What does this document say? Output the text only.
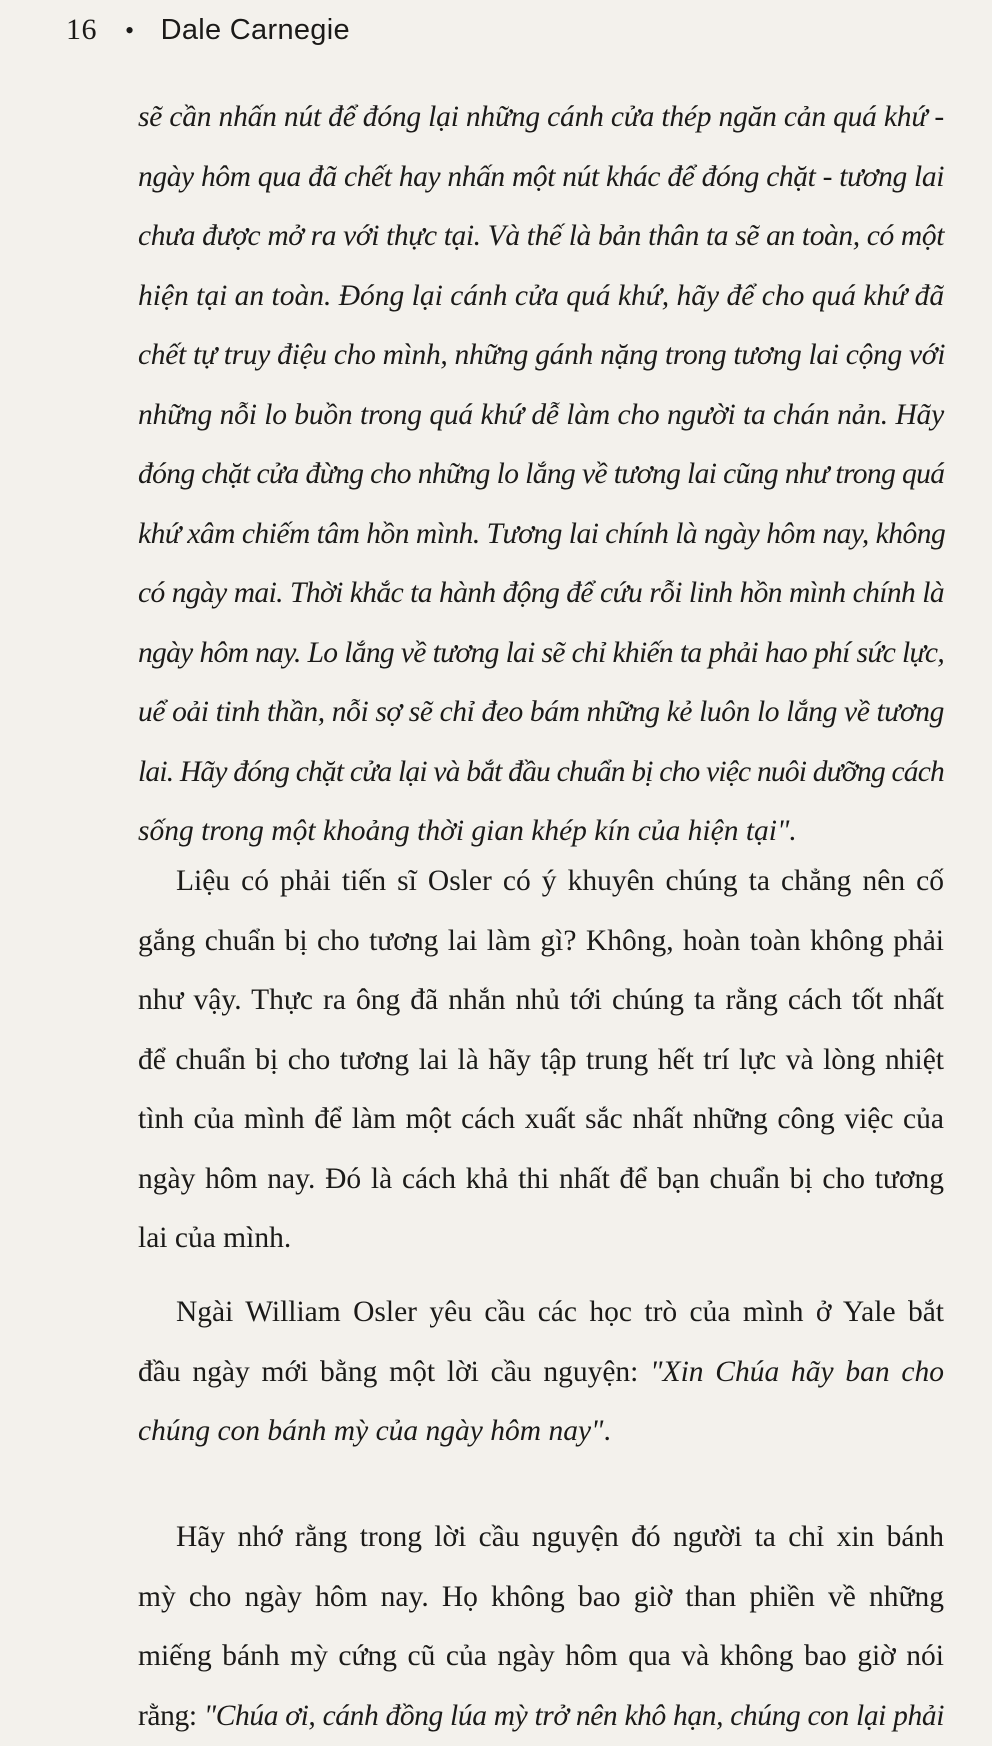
16 • Dale Carnegie
sẽ cần nhấn nút để đóng lại những cánh cửa thép ngăn cản quá khứ -
ngày hôm qua đã chết hay nhấn một nút khác để đóng chặt - tương lai
chưa được mở ra với thực tại. Và thế là bản thân ta sẽ an toàn, có một
hiện tại an toàn. Đóng lại cánh cửa quá khứ, hãy để cho quá khứ đã
chết tự truy điệu cho mình, những gánh nặng trong tương lai cộng với
những nỗi lo buồn trong quá khứ dễ làm cho người ta chán nản. Hãy
đóng chặt cửa đừng cho những lo lắng về tương lai cũng như trong quá
khứ xâm chiếm tâm hồn mình. Tương lai chính là ngày hôm nay, không
có ngày mai. Thời khắc ta hành động để cứu rỗi linh hồn mình chính là
ngày hôm nay. Lo lắng về tương lai sẽ chỉ khiến ta phải hao phí sức lực,
uể oải tinh thần, nỗi sợ sẽ chỉ đeo bám những kẻ luôn lo lắng về tương
lai. Hãy đóng chặt cửa lại và bắt đầu chuẩn bị cho việc nuôi dưỡng cách
sống trong một khoảng thời gian khép kín của hiện tại".
Liệu có phải tiến sĩ Osler có ý khuyên chúng ta chẳng nên cố
gắng chuẩn bị cho tương lai làm gì? Không, hoàn toàn không phải
như vậy. Thực ra ông đã nhắn nhủ tới chúng ta rằng cách tốt nhất
để chuẩn bị cho tương lai là hãy tập trung hết trí lực và lòng nhiệt
tình của mình để làm một cách xuất sắc nhất những công việc của
ngày hôm nay. Đó là cách khả thi nhất để bạn chuẩn bị cho tương
lai của mình.
Ngài William Osler yêu cầu các học trò của mình ở Yale bắt
đầu ngày mới bằng một lời cầu nguyện: "Xin Chúa hãy ban cho
chúng con bánh mỳ của ngày hôm nay".
Hãy nhớ rằng trong lời cầu nguyện đó người ta chỉ xin bánh
mỳ cho ngày hôm nay. Họ không bao giờ than phiền về những
miếng bánh mỳ cứng cũ của ngày hôm qua và không bao giờ nói
rằng: "Chúa ơi, cánh đồng lúa mỳ trở nên khô hạn, chúng con lại phải
